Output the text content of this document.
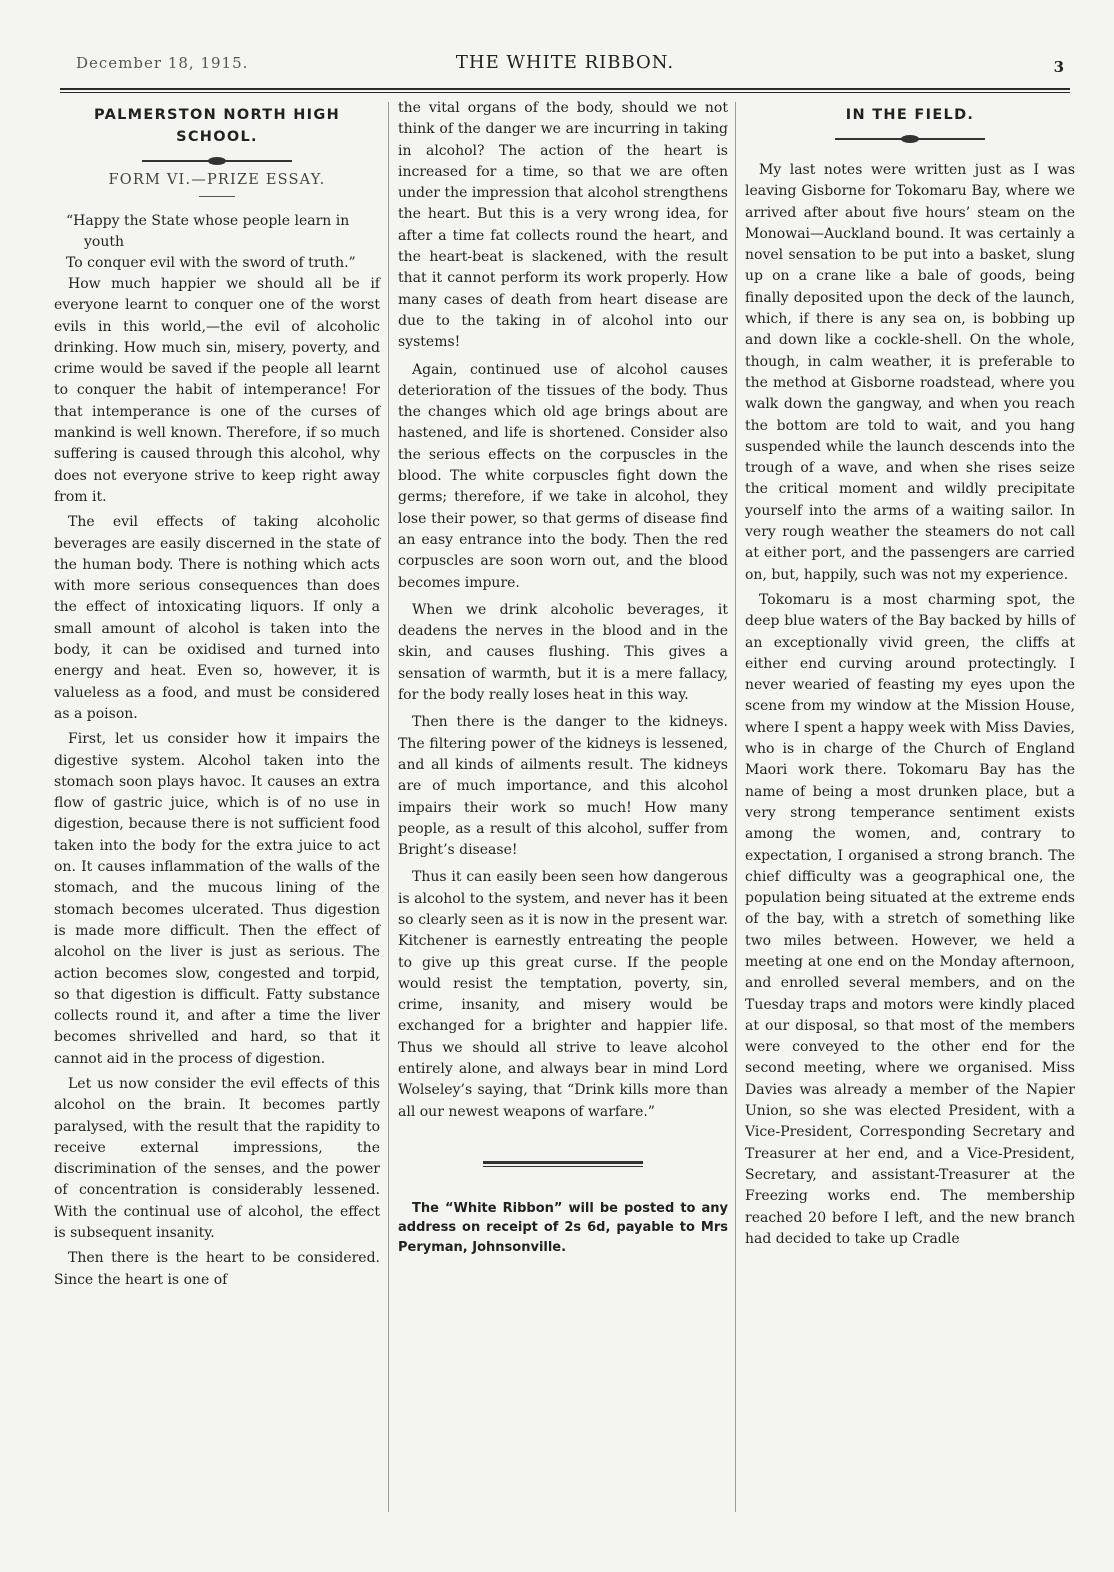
December 18, 1915.	THE WHITE RIBBON.	3
PALMERSTON NORTH HIGH SCHOOL.
FORM VI.—PRIZE ESSAY.
“Happy the State whose people learn in youth
To conquer evil with the sword of truth.”

How much happier we should all be if everyone learnt to conquer one of the worst evils in this world,—the evil of alcoholic drinking. How much sin, misery, poverty, and crime would be saved if the people all learnt to conquer the habit of intemperance! For that intemperance is one of the curses of mankind is well known. Therefore, if so much suffering is caused through this alcohol, why does not everyone strive to keep right away from it.

The evil effects of taking alcoholic beverages are easily discerned in the state of the human body. There is nothing which acts with more serious consequences than does the effect of intoxicating liquors. If only a small amount of alcohol is taken into the body, it can be oxidised and turned into energy and heat. Even so, however, it is valueless as a food, and must be considered as a poison.

First, let us consider how it impairs the digestive system. Alcohol taken into the stomach soon plays havoc. It causes an extra flow of gastric juice, which is of no use in digestion, because there is not sufficient food taken into the body for the extra juice to act on. It causes inflammation of the walls of the stomach, and the mucous lining of the stomach becomes ulcerated. Thus digestion is made more difficult. Then the effect of alcohol on the liver is just as serious. The action becomes slow, congested and torpid, so that digestion is difficult. Fatty substance collects round it, and after a time the liver becomes shrivelled and hard, so that it cannot aid in the process of digestion.

Let us now consider the evil effects of this alcohol on the brain. It becomes partly paralysed, with the result that the rapidity to receive external impressions, the discrimination of the senses, and the power of concentration is considerably lessened. With the continual use of alcohol, the effect is subsequent insanity.

Then there is the heart to be considered. Since the heart is one of

the vital organs of the body, should we not think of the danger we are incurring in taking in alcohol? The action of the heart is increased for a time, so that we are often under the impression that alcohol strengthens the heart. But this is a very wrong idea, for after a time fat collects round the heart, and the heart-beat is slackened, with the result that it cannot perform its work properly. How many cases of death from heart disease are due to the taking in of alcohol into our systems!

Again, continued use of alcohol causes deterioration of the tissues of the body. Thus the changes which old age brings about are hastened, and life is shortened. Consider also the serious effects on the corpuscles in the blood. The white corpuscles fight down the germs; therefore, if we take in alcohol, they lose their power, so that germs of disease find an easy entrance into the body. Then the red corpuscles are soon worn out, and the blood becomes impure.

When we drink alcoholic beverages, it deadens the nerves in the blood and in the skin, and causes flushing. This gives a sensation of warmth, but it is a mere fallacy, for the body really loses heat in this way.

Then there is the danger to the kidneys. The filtering power of the kidneys is lessened, and all kinds of ailments result. The kidneys are of much importance, and this alcohol impairs their work so much! How many people, as a result of this alcohol, suffer from Bright’s disease!

Thus it can easily been seen how dangerous is alcohol to the system, and never has it been so clearly seen as it is now in the present war. Kitchener is earnestly entreating the people to give up this great curse. If the people would resist the temptation, poverty, sin, crime, insanity, and misery would be exchanged for a brighter and happier life. Thus we should all strive to leave alcohol entirely alone, and always bear in mind Lord Wolseley’s saying, that “Drink kills more than all our newest weapons of warfare.”

The “White Ribbon” will be posted to any address on receipt of 2s 6d, payable to Mrs Peryman, Johnsonville.

IN THE FIELD.

My last notes were written just as I was leaving Gisborne for Tokomaru Bay, where we arrived after about five hours’ steam on the Monowai—Auckland bound. It was certainly a novel sensation to be put into a basket, slung up on a crane like a bale of goods, being finally deposited upon the deck of the launch, which, if there is any sea on, is bobbing up and down like a cockle-shell. On the whole, though, in calm weather, it is preferable to the method at Gisborne roadstead, where you walk down the gangway, and when you reach the bottom are told to wait, and you hang suspended while the launch descends into the trough of a wave, and when she rises seize the critical moment and wildly precipitate yourself into the arms of a waiting sailor. In very rough weather the steamers do not call at either port, and the passengers are carried on, but, happily, such was not my experience.

Tokomaru is a most charming spot, the deep blue waters of the Bay backed by hills of an exceptionally vivid green, the cliffs at either end curving around protectingly. I never wearied of feasting my eyes upon the scene from my window at the Mission House, where I spent a happy week with Miss Davies, who is in charge of the Church of England Maori work there. Tokomaru Bay has the name of being a most drunken place, but a very strong temperance sentiment exists among the women, and, contrary to expectation, I organised a strong branch. The chief difficulty was a geographical one, the population being situated at the extreme ends of the bay, with a stretch of something like two miles between. However, we held a meeting at one end on the Monday afternoon, and enrolled several members, and on the Tuesday traps and motors were kindly placed at our disposal, so that most of the members were conveyed to the other end for the second meeting, where we organised. Miss Davies was already a member of the Napier Union, so she was elected President, with a Vice-President, Corresponding Secretary and Treasurer at her end, and a Vice-President, Secretary, and assistant-Treasurer at the Freezing works end. The membership reached 20 before I left, and the new branch had decided to take up Cradle
